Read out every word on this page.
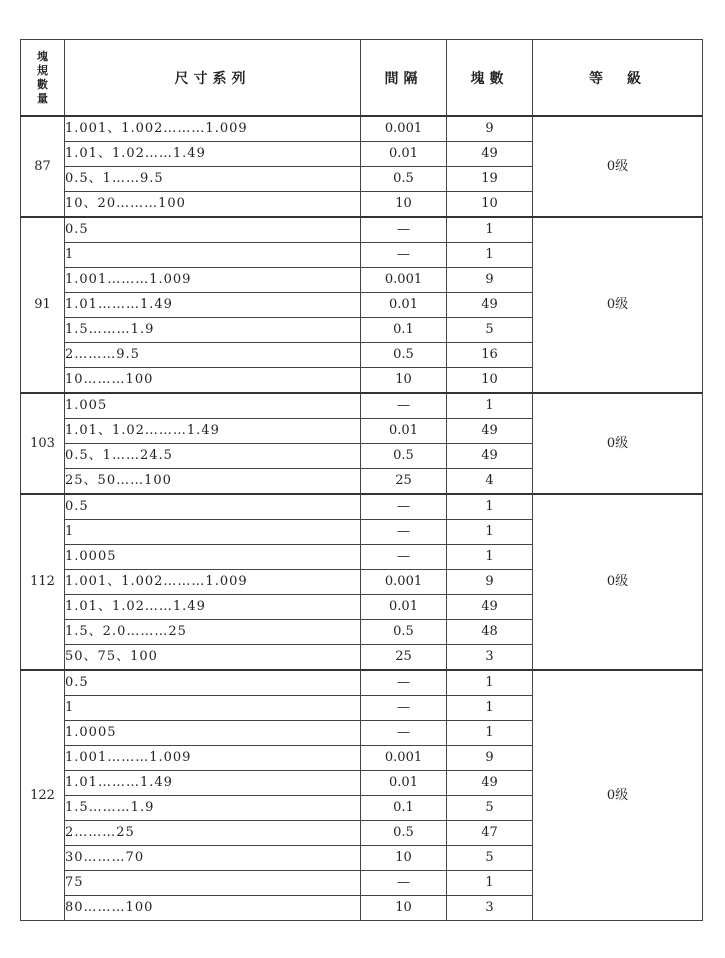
塊
規
數
量	尺寸系列	間隔	塊數	等　級
87	1.001、1.002………1.009	0.001	9	0级
	1.01、1.02……1.49	0.01	49	
	0.5、1……9.5	0.5	19	
	10、20………100	10	10	
91	0.5	—	1	0级
	1	—	1	
	1.001………1.009	0.001	9	
	1.01………1.49	0.01	49	
	1.5………1.9	0.1	5	
	2………9.5	0.5	16	
	10………100	10	10	
103	1.005	—	1	0级
	1.01、1.02………1.49	0.01	49	
	0.5、1……24.5	0.5	49	
	25、50……100	25	4	
112	0.5	—	1	0级
	1	—	1	
	1.0005	—	1	
	1.001、1.002………1.009	0.001	9	
	1.01、1.02……1.49	0.01	49	
	1.5、2.0………25	0.5	48	
	50、75、100	25	3	
122	0.5	—	1	0级
	1	—	1	
	1.0005	—	1	
	1.001………1.009	0.001	9	
	1.01………1.49	0.01	49	
	1.5………1.9	0.1	5	
	2………25	0.5	47	
	30………70	10	5	
	75	—	1	
	80………100	10	3	
